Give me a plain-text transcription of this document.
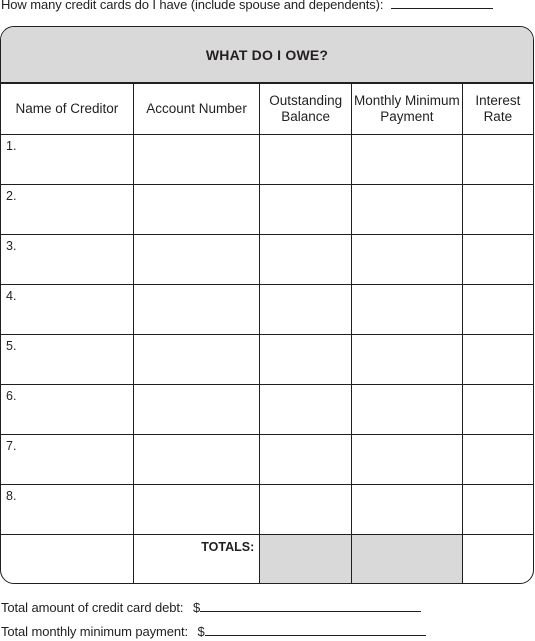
How many credit cards do I have (include spouse and dependents):
WHAT DO I OWE?
Name of Creditor	Account Number	Outstanding Balance	Monthly Minimum Payment	Interest Rate

1.				

2.				

3.				

4.				

5.				

6.				

7.				

8.				

	TOTALS:			
Total amount of credit card debt: $
Total monthly minimum payment: $
